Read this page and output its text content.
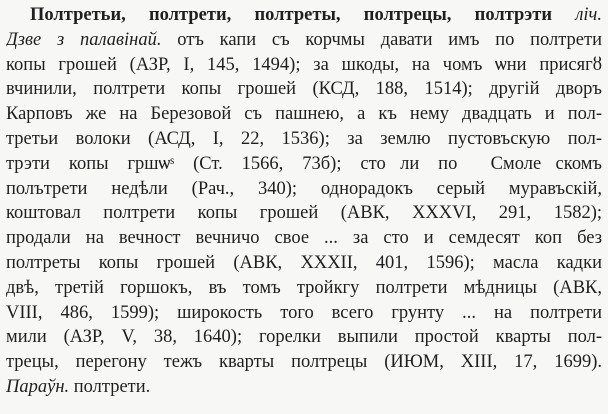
Полтретьи, полтрети, полтреты, полтрецы, полтрэти ліч.
Дзве з палавінай. отъ капи съ корчмы давати имъ по полтрети
копы грошей (АЗР, I, 145, 1494); за шкоды, на чомъ ѡни присягȣ
вчинили, полтрети копы грошей (КСД, 188, 1514); другій дворъ
Карповъ же на Березовой съ пашнею, а къ нему двадцать и пол-
третьи волоки (АСД, I, 22, 1536); за землю пустовъскую пол-
трэти копы гршѡˢ (Ст. 1566, 73б); стоⷧли поⷣ Смолеⷩскомъ
полътрети недѣли (Рач., 340); однорадокъ серый муравъскій,
коштовал полтрети копы грошей (АВК, XXXVI, 291, 1582);
продали на вечност вечничо свое ... за сто и семдесят коп без
полтреты копы грошей (АВК, XXXII, 401, 1596); масла кадки
двѣ, третій горшокъ, въ томъ тройкгу полтрети мѣдницы (АВК,
VIII, 486, 1599); широкость того всего грунту ... на полтрети
мили (АЗР, V, 38, 1640); горелки выпили простой кварты пол-
трецы, перегону тежъ кварты полтрецы (ИЮМ, XIII, 17, 1699).
Параўн. полтрети.
